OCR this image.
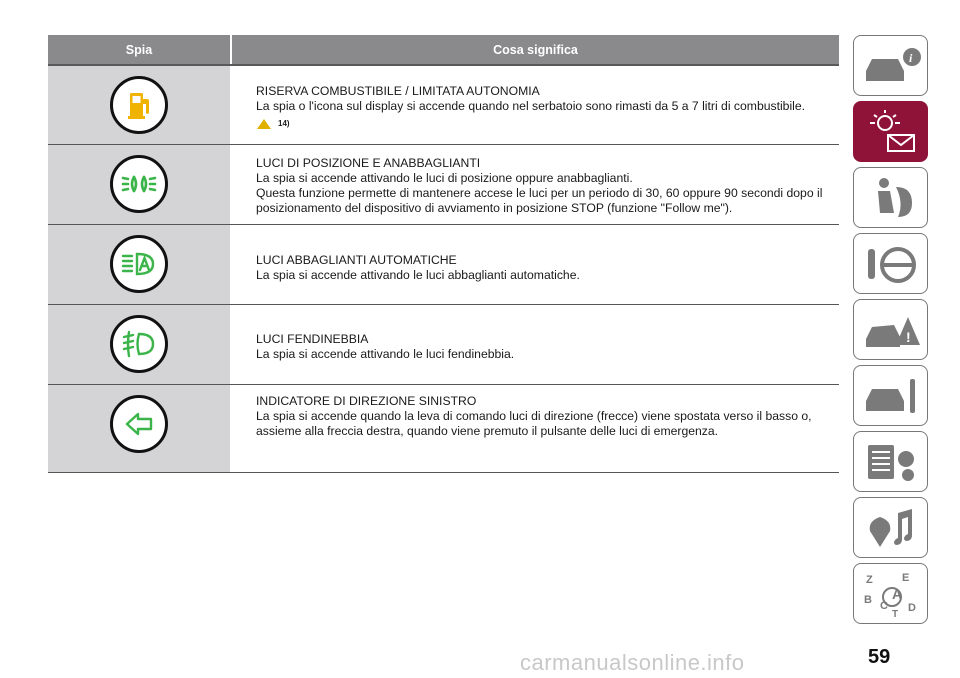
Spia	Cosa significa
RISERVA COMBUSTIBILE / LIMITATA AUTONOMIA
La spia o l'icona sul display si accende quando nel serbatoio sono rimasti da 5 a 7 litri di combustibile.
14)
LUCI DI POSIZIONE E ANABBAGLIANTI
La spia si accende attivando le luci di posizione oppure anabbaglianti.
Questa funzione permette di mantenere accese le luci per un periodo di 30, 60 oppure 90 secondi dopo il posizionamento del dispositivo di avviamento in posizione STOP (funzione "Follow me").
LUCI ABBAGLIANTI AUTOMATICHE
La spia si accende attivando le luci abbaglianti automatiche.
LUCI FENDINEBBIA
La spia si accende attivando le luci fendinebbia.
INDICATORE DI DIREZIONE SINISTRO
La spia si accende quando la leva di comando luci di direzione (frecce) viene spostata verso il basso o, assieme alla freccia destra, quando viene premuto il pulsante delle luci di emergenza.
i
!
Z	E
A
B C D
T
59
carmanualsonline.info
